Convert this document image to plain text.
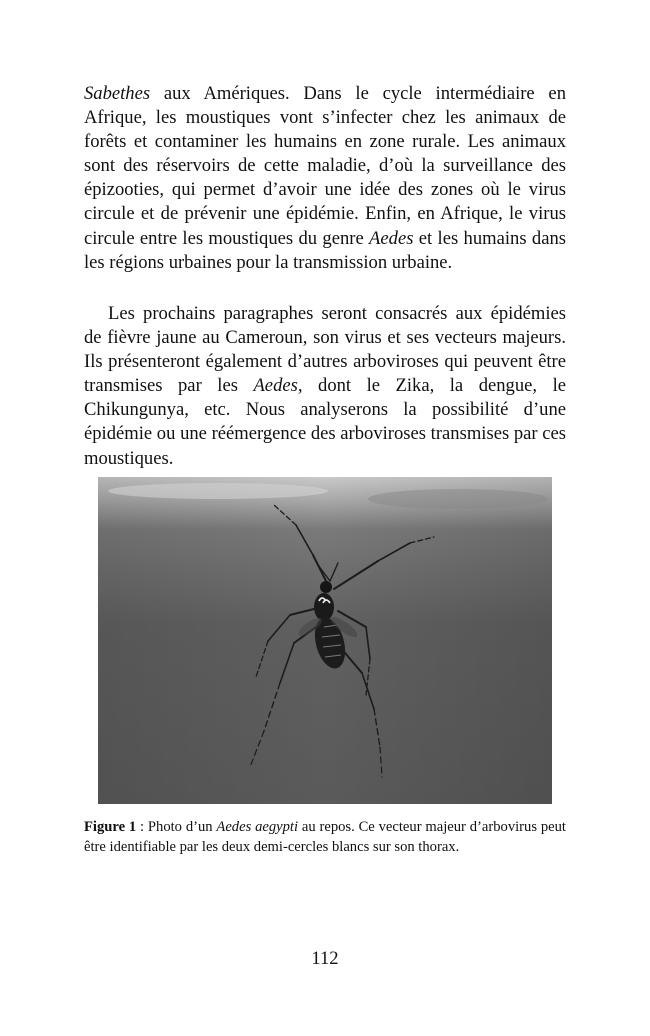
Sabethes aux Amériques. Dans le cycle intermédiaire en Afrique, les moustiques vont s’infecter chez les animaux de forêts et contaminer les humains en zone rurale. Les animaux sont des réservoirs de cette maladie, d’où la surveillance des épizooties, qui permet d’avoir une idée des zones où le virus circule et de prévenir une épidémie. Enfin, en Afrique, le virus circule entre les moustiques du genre Aedes et les humains dans les régions urbaines pour la transmission urbaine.

Les prochains paragraphes seront consacrés aux épidémies de fièvre jaune au Cameroun, son virus et ses vecteurs majeurs. Ils présenteront également d’autres arboviroses qui peuvent être transmises par les Aedes, dont le Zika, la dengue, le Chikungunya, etc. Nous analyserons la possibilité d’une épidémie ou une réémergence des arboviroses transmises par ces moustiques.

Figure 1 : Photo d’un Aedes aegypti au repos. Ce vecteur majeur d’arbovirus peut être identifiable par les deux demi-cercles blancs sur son thorax.
112
